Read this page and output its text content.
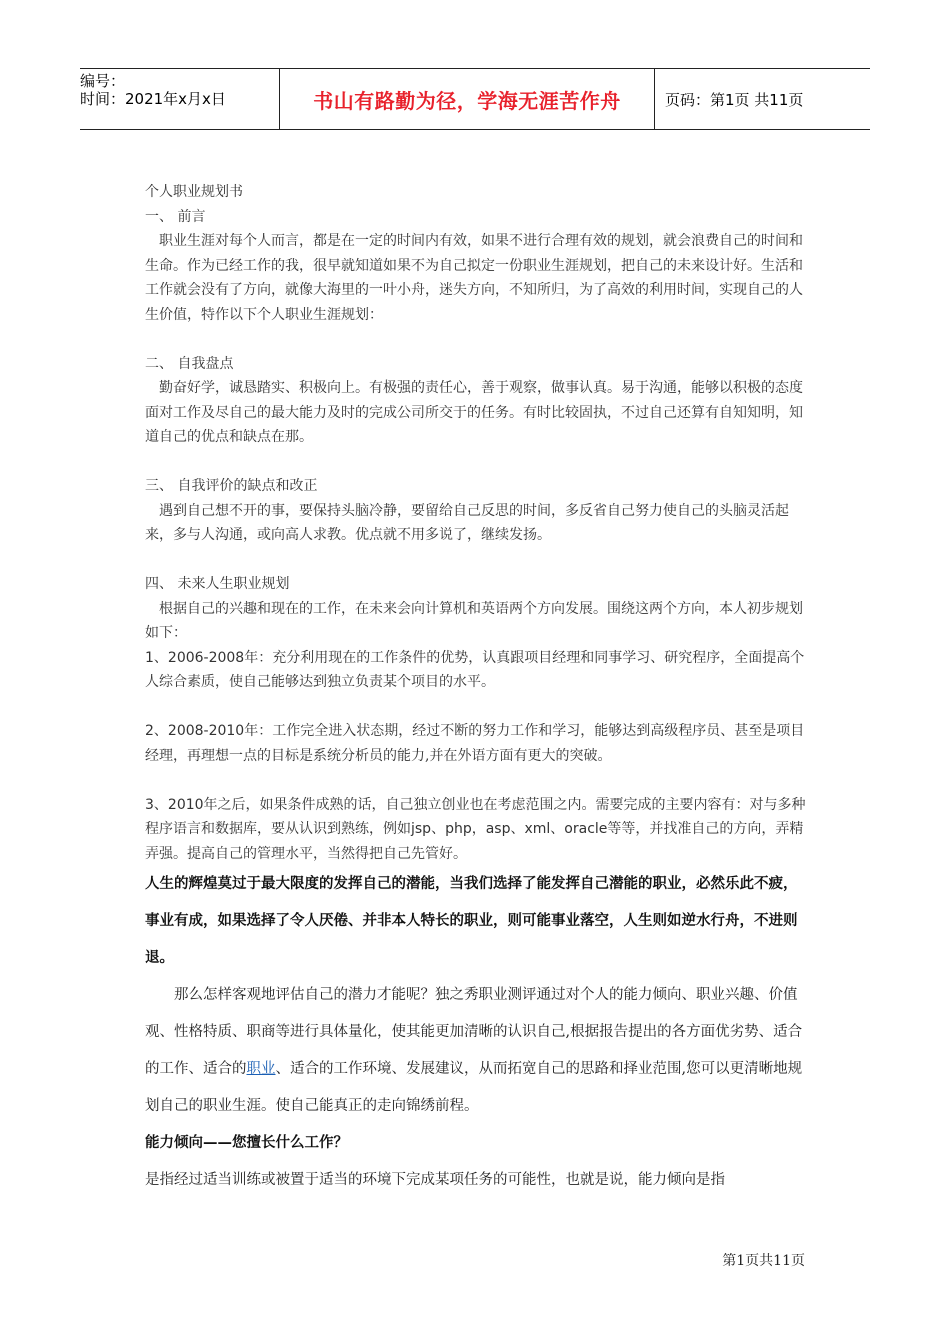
编号：
时间：2021年x月x日	书山有路勤为径，学海无涯苦作舟	页码：第1页 共11页

个人职业规划书

一、 前言

职业生涯对每个人而言，都是在一定的时间内有效，如果不进行合理有效的规划，就会浪费自己的时间和生命。作为已经工作的我，很早就知道如果不为自己拟定一份职业生涯规划，把自己的未来设计好。生活和工作就会没有了方向，就像大海里的一叶小舟，迷失方向，不知所归，为了高效的利用时间，实现自己的人生价值，特作以下个人职业生涯规划：

二、 自我盘点

勤奋好学，诚恳踏实、积极向上。有极强的责任心，善于观察，做事认真。易于沟通，能够以积极的态度面对工作及尽自己的最大能力及时的完成公司所交于的任务。有时比较固执，不过自己还算有自知知明，知道自己的优点和缺点在那。

三、 自我评价的缺点和改正

遇到自己想不开的事，要保持头脑冷静，要留给自己反思的时间，多反省自己努力使自己的头脑灵活起来，多与人沟通，或向高人求教。优点就不用多说了，继续发扬。

四、 未来人生职业规划

根据自己的兴趣和现在的工作，在未来会向计算机和英语两个方向发展。围绕这两个方向，本人初步规划如下：

1、2006-2008年：充分利用现在的工作条件的优势，认真跟项目经理和同事学习、研究程序，全面提高个人综合素质，使自己能够达到独立负责某个项目的水平。

2、2008-2010年：工作完全进入状态期，经过不断的努力工作和学习，能够达到高级程序员、甚至是项目经理，再理想一点的目标是系统分析员的能力,并在外语方面有更大的突破。

3、2010年之后，如果条件成熟的话，自己独立创业也在考虑范围之内。需要完成的主要内容有：对与多种程序语言和数据库，要从认识到熟练，例如jsp、php，asp、xml、oracle等等，并找准自己的方向，弄精弄强。提高自己的管理水平，当然得把自己先管好。

人生的辉煌莫过于最大限度的发挥自己的潜能，当我们选择了能发挥自己潜能的职业，必然乐此不疲，事业有成，如果选择了令人厌倦、并非本人特长的职业，则可能事业落空，人生则如逆水行舟，不进则退。

那么怎样客观地评估自己的潜力才能呢？独之秀职业测评通过对个人的能力倾向、职业兴趣、价值观、性格特质、职商等进行具体量化，使其能更加清晰的认识自己,根据报告提出的各方面优劣势、适合的工作、适合的职业、适合的工作环境、发展建议，从而拓宽自己的思路和择业范围,您可以更清晰地规划自己的职业生涯。使自己能真正的走向锦绣前程。

能力倾向——您擅长什么工作？

是指经过适当训练或被置于适当的环境下完成某项任务的可能性，也就是说，能力倾向是指

第1页共11页
